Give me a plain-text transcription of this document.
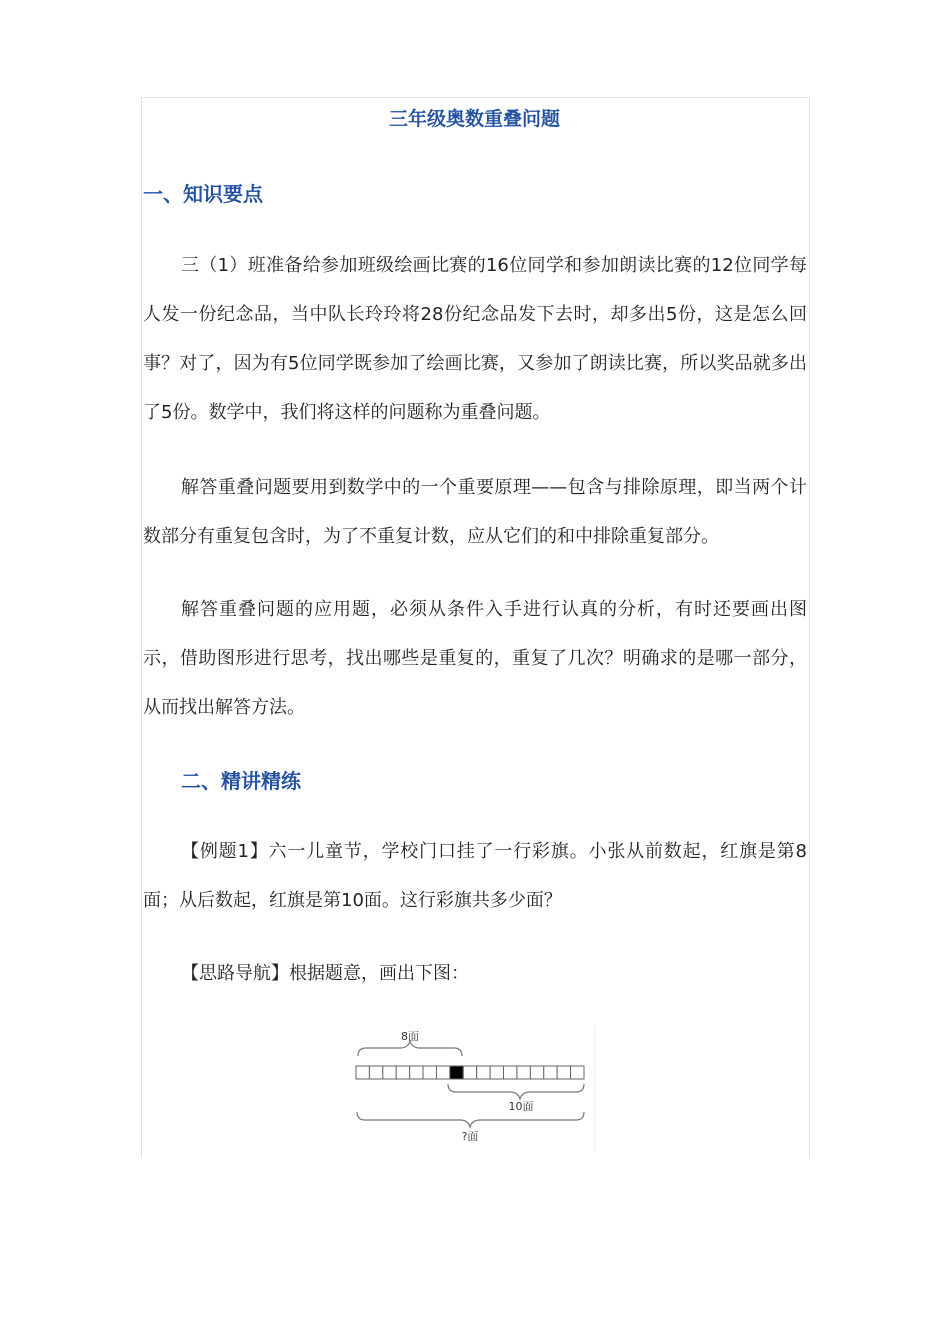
三年级奥数重叠问题
一、知识要点

三（1）班准备给参加班级绘画比赛的16位同学和参加朗读比赛的12位同学每人发一份纪念品，当中队长玲玲将28份纪念品发下去时，却多出5份，这是怎么回事？对了，因为有5位同学既参加了绘画比赛，又参加了朗读比赛，所以奖品就多出了5份。数学中，我们将这样的问题称为重叠问题。

解答重叠问题要用到数学中的一个重要原理——包含与排除原理，即当两个计数部分有重复包含时，为了不重复计数，应从它们的和中排除重复部分。

解答重叠问题的应用题，必须从条件入手进行认真的分析，有时还要画出图示，借助图形进行思考，找出哪些是重复的，重复了几次？明确求的是哪一部分，从而找出解答方法。

二、精讲精练

【例题1】六一儿童节，学校门口挂了一行彩旗。小张从前数起，红旗是第8面；从后数起，红旗是第10面。这行彩旗共多少面？

【思路导航】根据题意，画出下图：

8面
10面
?面
